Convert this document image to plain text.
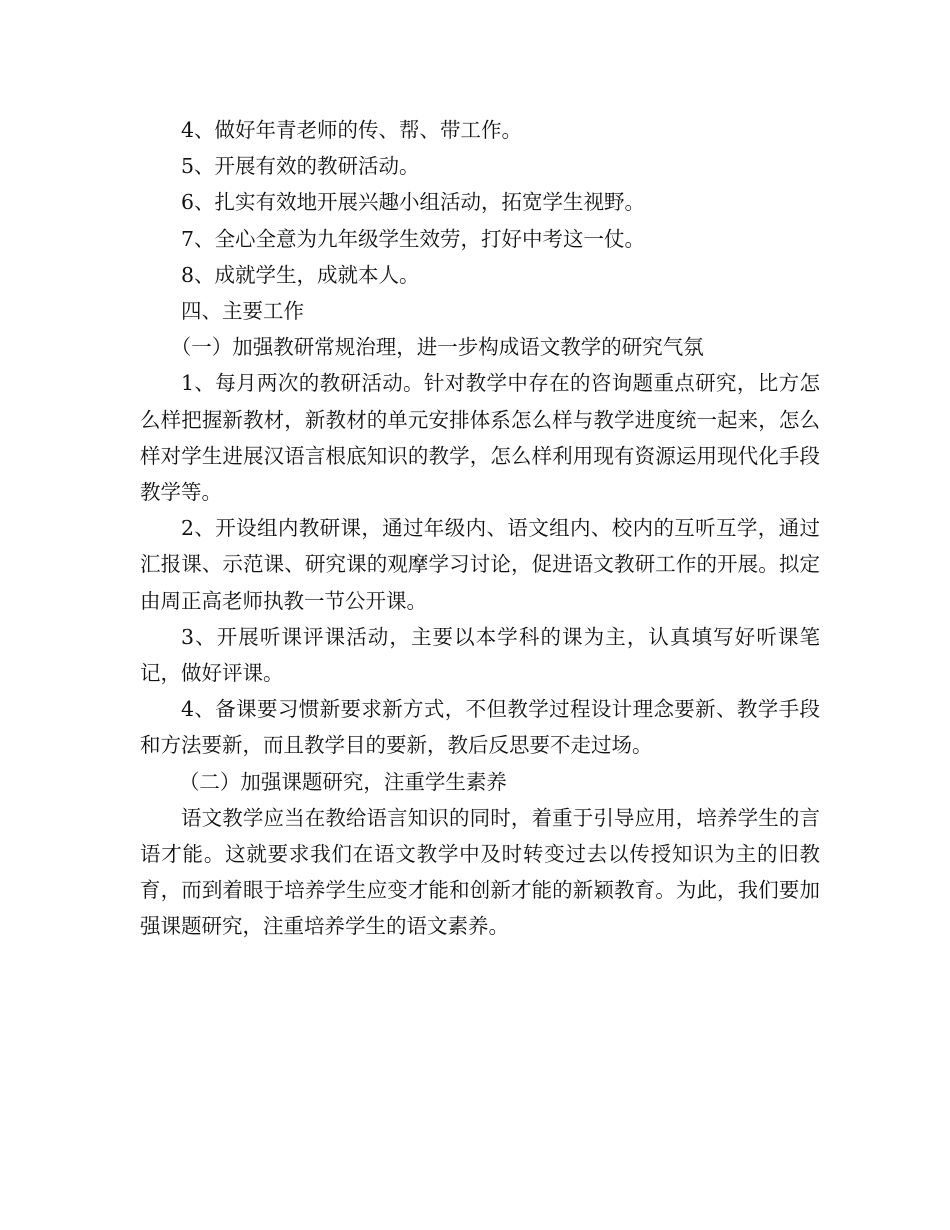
4、做好年青老师的传、帮、带工作。

5、开展有效的教研活动。

6、扎实有效地开展兴趣小组活动，拓宽学生视野。

7、全心全意为九年级学生效劳，打好中考这一仗。

8、成就学生，成就本人。

四、主要工作

（一）加强教研常规治理，进一步构成语文教学的研究气氛

1、每月两次的教研活动。针对教学中存在的咨询题重点研究，比方怎么样把握新教材，新教材的单元安排体系怎么样与教学进度统一起来，怎么样对学生进展汉语言根底知识的教学，怎么样利用现有资源运用现代化手段教学等。

2、开设组内教研课，通过年级内、语文组内、校内的互听互学，通过汇报课、示范课、研究课的观摩学习讨论，促进语文教研工作的开展。拟定由周正高老师执教一节公开课。

3、开展听课评课活动，主要以本学科的课为主，认真填写好听课笔记，做好评课。

4、备课要习惯新要求新方式，不但教学过程设计理念要新、教学手段和方法要新，而且教学目的要新，教后反思要不走过场。

（二）加强课题研究，注重学生素养

语文教学应当在教给语言知识的同时，着重于引导应用，培养学生的言语才能。这就要求我们在语文教学中及时转变过去以传授知识为主的旧教育，而到着眼于培养学生应变才能和创新才能的新颖教育。为此，我们要加强课题研究，注重培养学生的语文素养。
